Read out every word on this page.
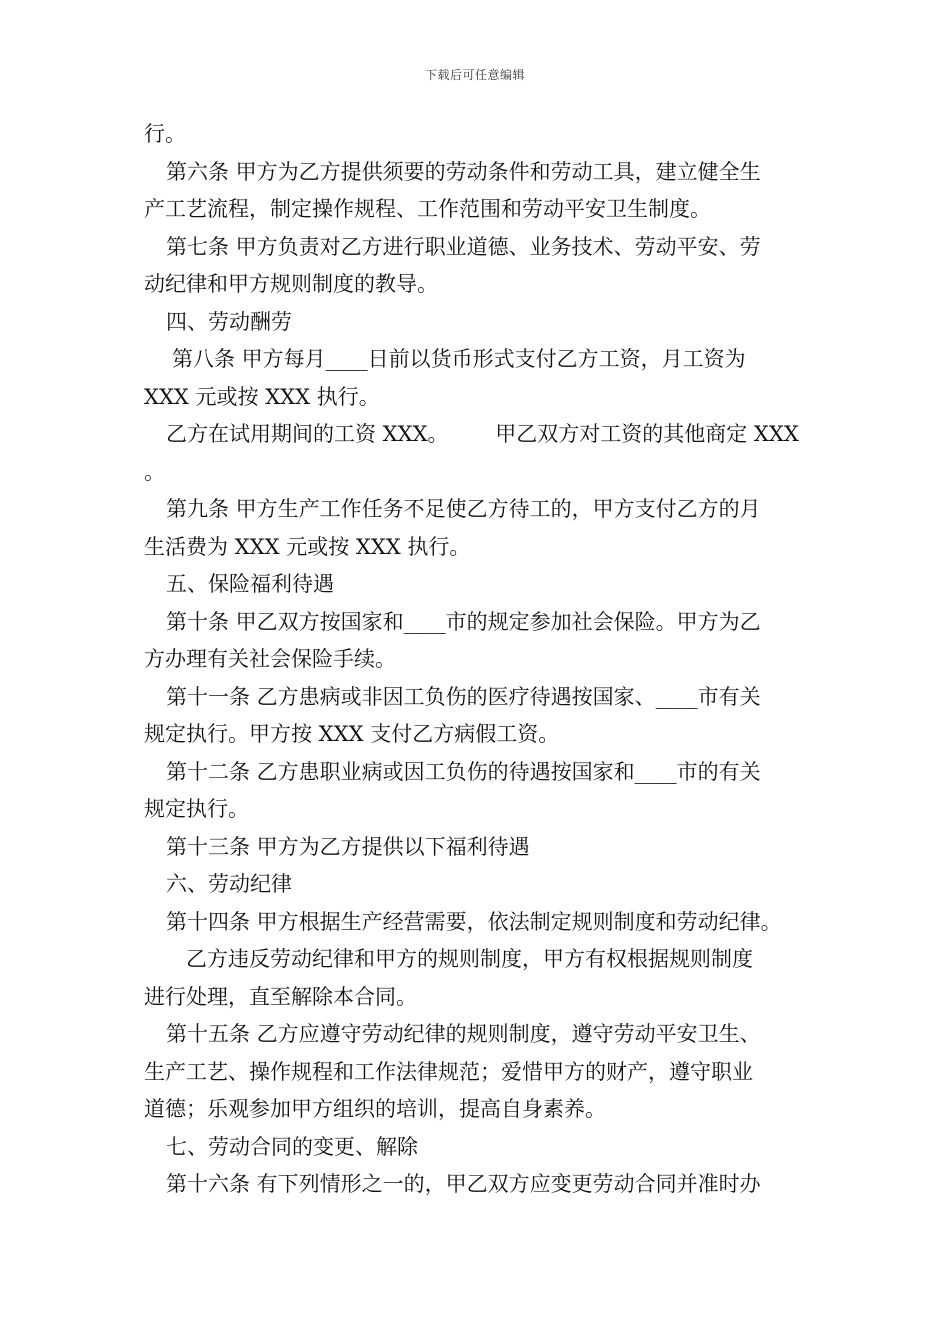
下载后可任意编辑
行。
第六条 甲方为乙方提供须要的劳动条件和劳动工具，建立健全生
产工艺流程，制定操作规程、工作范围和劳动平安卫生制度。
第七条 甲方负责对乙方进行职业道德、业务技术、劳动平安、劳
动纪律和甲方规则制度的教导。
四、劳动酬劳
第八条 甲方每月____日前以货币形式支付乙方工资，月工资为
XXX 元或按 XXX 执行。
乙方在试用期间的工资 XXX。       甲乙双方对工资的其他商定 XXX
。
第九条 甲方生产工作任务不足使乙方待工的，甲方支付乙方的月
生活费为 XXX 元或按 XXX 执行。
五、保险福利待遇
第十条 甲乙双方按国家和____市的规定参加社会保险。甲方为乙
方办理有关社会保险手续。
第十一条 乙方患病或非因工负伤的医疗待遇按国家、____市有关
规定执行。甲方按 XXX 支付乙方病假工资。
第十二条 乙方患职业病或因工负伤的待遇按国家和____市的有关
规定执行。
第十三条 甲方为乙方提供以下福利待遇
六、劳动纪律
第十四条 甲方根据生产经营需要，依法制定规则制度和劳动纪律。
乙方违反劳动纪律和甲方的规则制度，甲方有权根据规则制度
进行处理，直至解除本合同。
第十五条 乙方应遵守劳动纪律的规则制度，遵守劳动平安卫生、
生产工艺、操作规程和工作法律规范；爱惜甲方的财产，遵守职业
道德；乐观参加甲方组织的培训，提高自身素养。
七、劳动合同的变更、解除
第十六条 有下列情形之一的，甲乙双方应变更劳动合同并准时办
